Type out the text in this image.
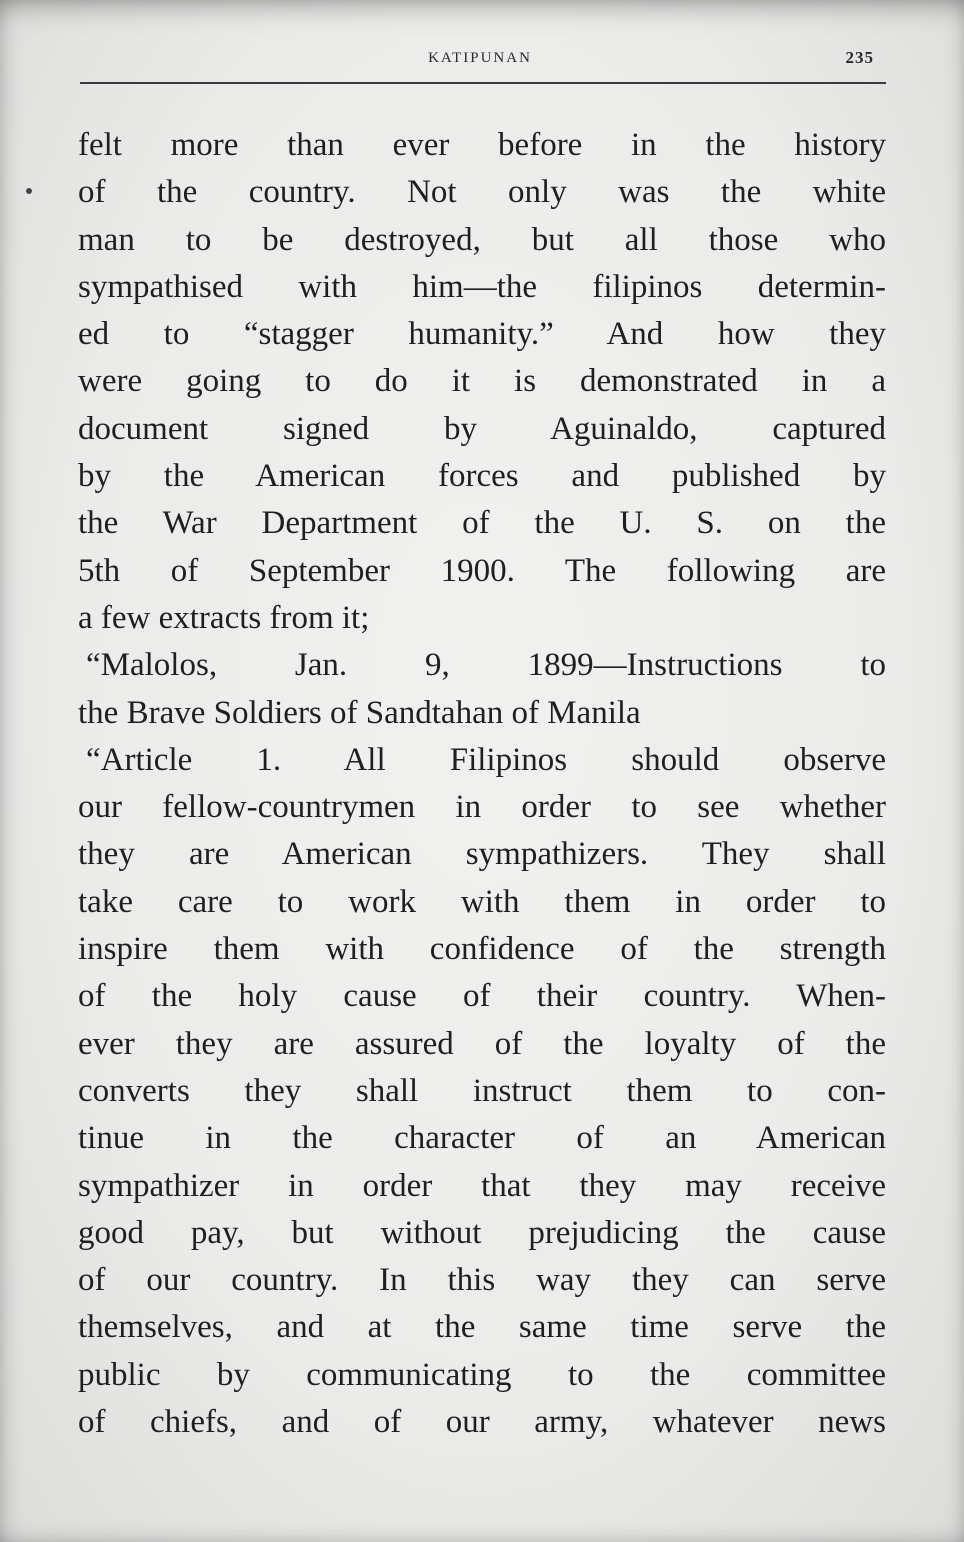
KATIPUNAN	235
felt more than ever before in the history
of the country. Not only was the white
man to be destroyed, but all those who
sympathised with him—the filipinos determin-
ed to “stagger humanity.” And how they
were going to do it is demonstrated in a
document signed by Aguinaldo, captured
by the American forces and published by
the War Department of the U. S. on the
5th of September 1900. The following are
a few extracts from it;
“Malolos, Jan. 9, 1899—Instructions to
the Brave Soldiers of Sandtahan of Manila
“Article 1. All Filipinos should observe
our fellow-countrymen in order to see whether
they are American sympathizers. They shall
take care to work with them in order to
inspire them with confidence of the strength
of the holy cause of their country. When-
ever they are assured of the loyalty of the
converts they shall instruct them to con-
tinue in the character of an American
sympathizer in order that they may receive
good pay, but without prejudicing the cause
of our country. In this way they can serve
themselves, and at the same time serve the
public by communicating to the committee
of chiefs, and of our army, whatever news
